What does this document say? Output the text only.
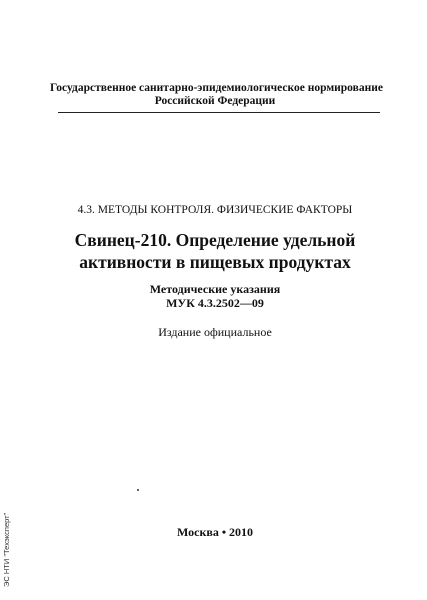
Государственное санитарно-эпидемиологическое нормирование
Российской Федерации
4.3. МЕТОДЫ КОНТРОЛЯ. ФИЗИЧЕСКИЕ ФАКТОРЫ
Свинец-210. Определение удельной
активности в пищевых продуктах
Методические указания
МУК 4.3.2502—09
Издание официальное
Москва • 2010
ЭС НТИ "Техэксперт"
